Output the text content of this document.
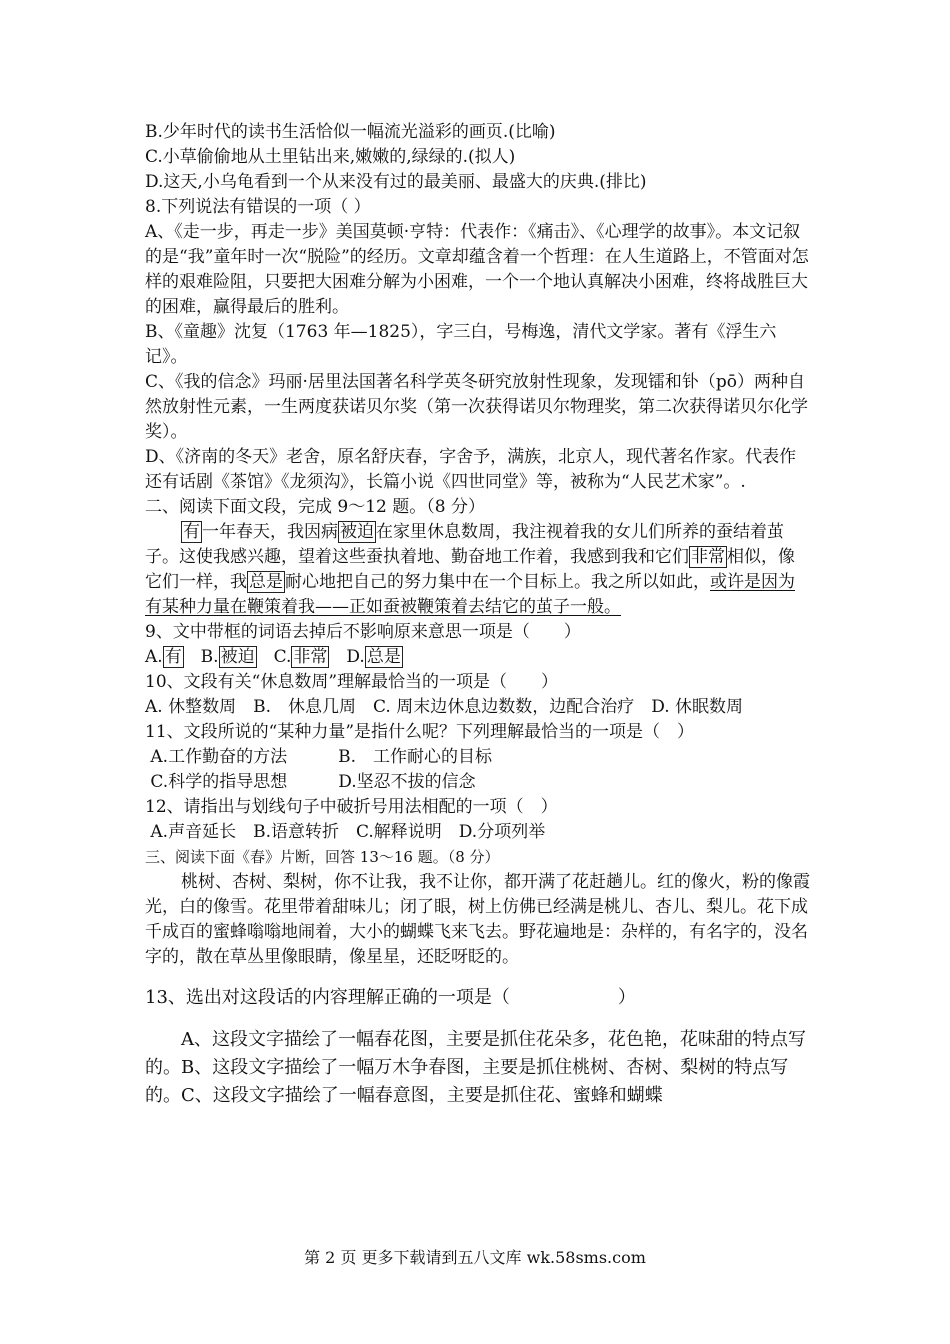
B.少年时代的读书生活恰似一幅流光溢彩的画页.(比喻)

C.小草偷偷地从土里钻出来,嫩嫩的,绿绿的.(拟人)

D.这天,小乌龟看到一个从来没有过的最美丽、最盛大的庆典.(排比)

8.下列说法有错误的一项（ ）

A、《走一步，再走一步》美国莫顿·亨特：代表作：《痛击》、《心理学的故事》。本文记叙的是“我”童年时一次“脱险”的经历。文章却蕴含着一个哲理：在人生道路上，不管面对怎样的艰难险阻，只要把大困难分解为小困难，一个一个地认真解决小困难，终将战胜巨大的困难，赢得最后的胜利。

B、《童趣》沈复（1763 年—1825），字三白，号梅逸，清代文学家。著有《浮生六记》。

C、《我的信念》玛丽·居里法国著名科学英冬研究放射性现象，发现镭和钋（pō）两种自然放射性元素，一生两度获诺贝尔奖（第一次获得诺贝尔物理奖，第二次获得诺贝尔化学奖）。

D、《济南的冬天》老舍，原名舒庆春，字舍予，满族，北京人，现代著名作家。代表作还有话剧《茶馆》《龙须沟》，长篇小说《四世同堂》等，被称为“人民艺术家”。.

二、阅读下面文段，完成 9～12 题。（8 分）

有 一年春天，我因病 被迫 在家里休息数周，我注视着我的女儿们所养的蚕结着茧子。这使我感兴趣，望着这些蚕执着地、勤奋地工作着，我感到我和它们 非常 相似，像它们一样，我 总是 耐心地把自己的努力集中在一个目标上。我之所以如此，或许是因为有某种力量在鞭策着我——正如蚕被鞭策着去结它的茧子一般。

9、文中带框的词语去掉后不影响原来意思一项是（　　）

A. 有　B. 被迫　C. 非常　D. 总是

10、文段有关“休息数周”理解最恰当的一项是（　　）

A. 休整数周　B.　休息几周　C. 周末边休息边数数，边配合治疗　D. 休眠数周

11、文段所说的“某种力量”是指什么呢？下列理解最恰当的一项是（　）

A.工作勤奋的方法　　　B.　工作耐心的目标

C.科学的指导思想　　　D.坚忍不拔的信念

12、请指出与划线句子中破折号用法相配的一项（　）

A.声音延长　B.语意转折　C.解释说明　D.分项列举

三、阅读下面《春》片断，回答 13～16 题。（8 分）

桃树、杏树、梨树，你不让我，我不让你，都开满了花赶趟儿。红的像火，粉的像霞光，白的像雪。花里带着甜味儿；闭了眼，树上仿佛已经满是桃儿、杏儿、梨儿。花下成千成百的蜜蜂嗡嗡地闹着，大小的蝴蝶飞来飞去。野花遍地是：杂样的，有名字的，没名字的，散在草丛里像眼睛，像星星，还眨呀眨的。

13、选出对这段话的内容理解正确的一项是（　　　　　　）

A、这段文字描绘了一幅春花图，主要是抓住花朵多，花色艳，花味甜的特点写的。B、这段文字描绘了一幅万木争春图，主要是抓住桃树、杏树、梨树的特点写的。C、这段文字描绘了一幅春意图，主要是抓住花、蜜蜂和蝴蝶

第 2 页 更多下载请到五八文库 wk.58sms.com
